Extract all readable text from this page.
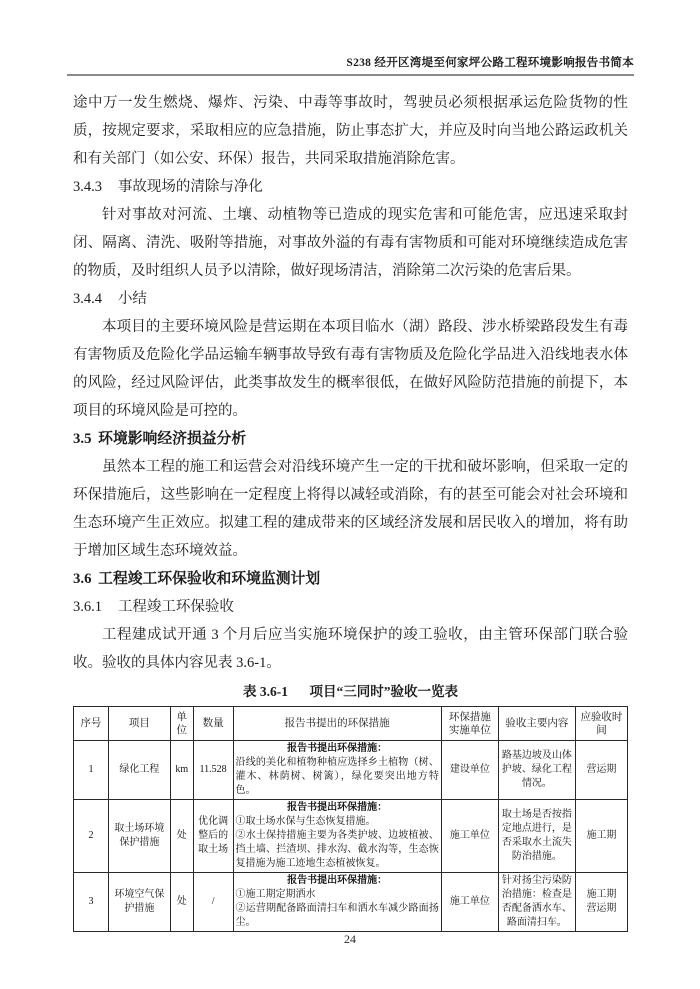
S238 经开区湾堤至何家坪公路工程环境影响报告书简本

途中万一发生燃烧、爆炸、污染、中毒等事故时，驾驶员必须根据承运危险货物的性质，按规定要求，采取相应的应急措施，防止事态扩大，并应及时向当地公路运政机关和有关部门（如公安、环保）报告，共同采取措施消除危害。

3.4.3 事故现场的清除与净化

针对事故对河流、土壤、动植物等已造成的现实危害和可能危害，应迅速采取封闭、隔离、清洗、吸附等措施，对事故外溢的有毒有害物质和可能对环境继续造成危害的物质，及时组织人员予以清除，做好现场清洁，消除第二次污染的危害后果。

3.4.4 小结

本项目的主要环境风险是营运期在本项目临水（湖）路段、涉水桥梁路段发生有毒有害物质及危险化学品运输车辆事故导致有毒有害物质及危险化学品进入沿线地表水体的风险，经过风险评估，此类事故发生的概率很低，在做好风险防范措施的前提下，本项目的环境风险是可控的。

3.5 环境影响经济损益分析

虽然本工程的施工和运营会对沿线环境产生一定的干扰和破坏影响，但采取一定的环保措施后，这些影响在一定程度上将得以减轻或消除，有的甚至可能会对社会环境和生态环境产生正效应。拟建工程的建成带来的区域经济发展和居民收入的增加，将有助于增加区域生态环境效益。

3.6 工程竣工环保验收和环境监测计划
3.6.1 工程竣工环保验收

工程建成试开通 3 个月后应当实施环境保护的竣工验收，由主管环保部门联合验收。验收的具体内容见表 3.6-1。

表 3.6-1 项目“三同时”验收一览表
序号	项目	单位	数量	报告书提出的环保措施	环保措施实施单位	验收主要内容	应验收时间
1	绿化工程	km	11.528	报告书提出环保措施：
沿线的美化和植物种植应选择乡土植物（树、灌木、林荫树、树篱），绿化要突出地方特色。	建设单位	路基边坡及山体护坡、绿化工程情况。	营运期

2	取土场环境保护措施	处	优化调整后的取土场	报告书提出环保措施：
①取土场水保与生态恢复措施。
②水土保持措施主要为各类护坡、边坡植被、挡土墙、拦渣坝、排水沟、截水沟等，生态恢复措施为施工迹地生态植被恢复。	施工单位	取土场是否按指定地点进行，是否采取水土流失防治措施。	施工期

3	环境空气保护措施	处	/	
报告书提出环保措施：
①施工期定期洒水
②运营期配备路面清扫车和洒水车减少路面扬尘。
	施工单位	针对扬尘污染防治措施：检查是否配备洒水车、路面清扫车。	
施工期
营运期
24
